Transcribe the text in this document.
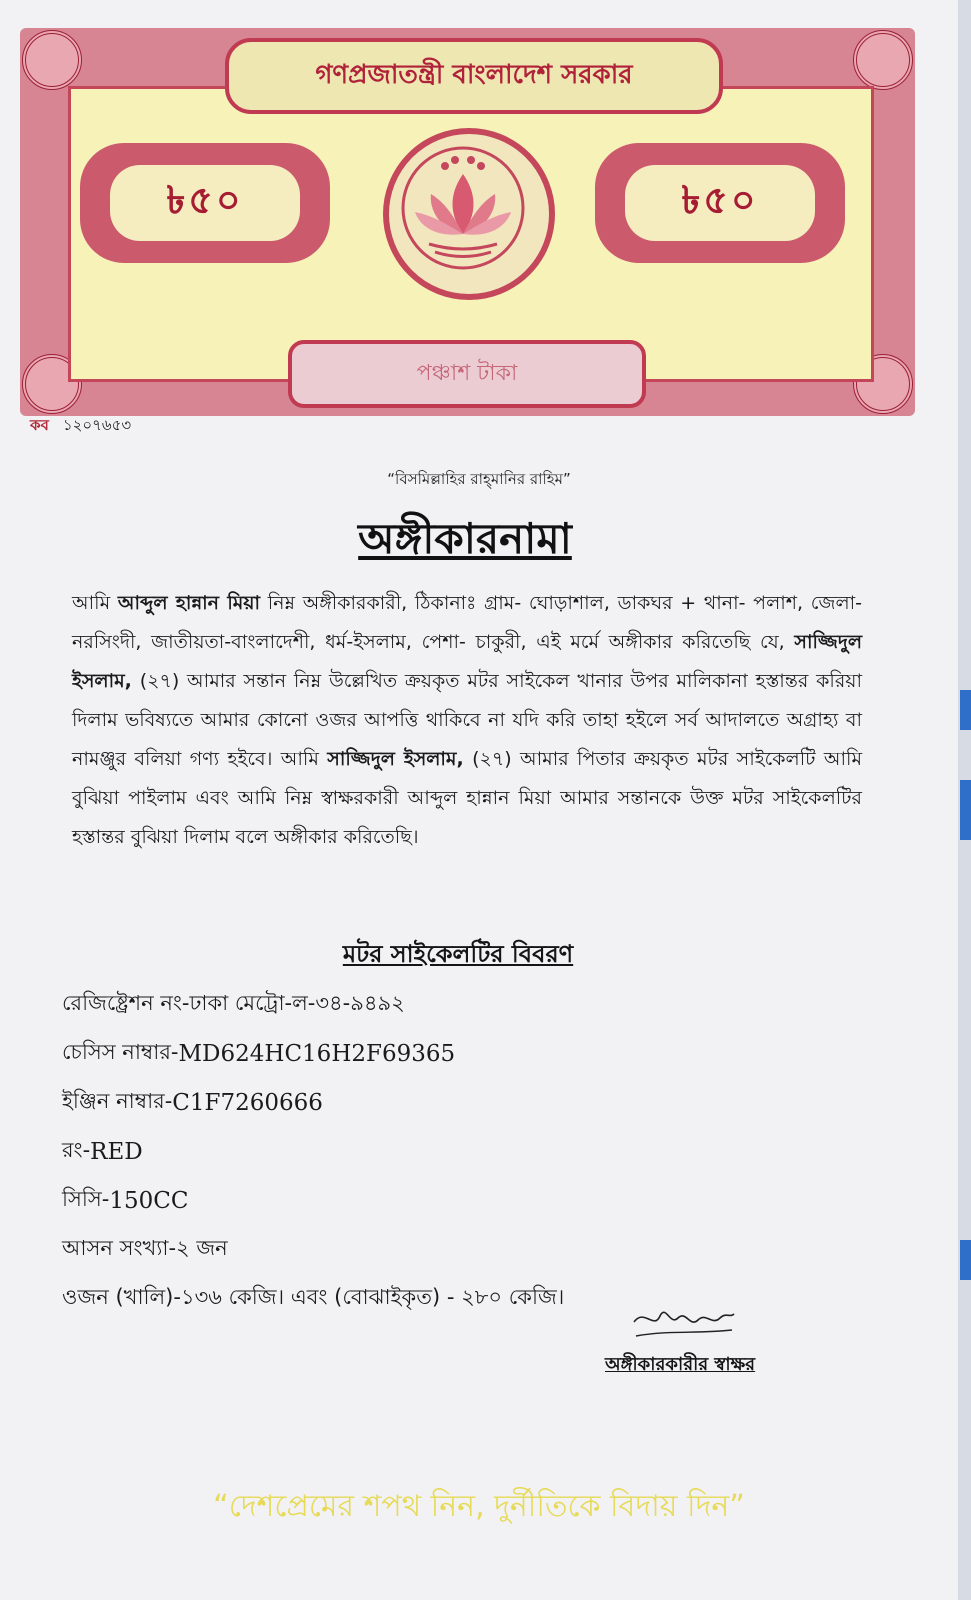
গণপ্রজাতন্ত্রী বাংলাদেশ সরকার
৳৫০	৳৫০
পঞ্চাশ টাকা
কব ১২০৭৬৫৩
“বিসমিল্লাহির রাহ্‌মানির রাহিম”
অঙ্গীকারনামা

আমি আব্দুল হান্নান মিয়া নিম্ন অঙ্গীকারকারী, ঠিকানাঃ গ্রাম- ঘোড়াশাল, ডাকঘর + থানা- পলাশ, জেলা-নরসিংদী, জাতীয়তা-বাংলাদেশী, ধর্ম-ইসলাম, পেশা- চাকুরী, এই মর্মে অঙ্গীকার করিতেছি যে, সাজ্জিদুল ইসলাম, (২৭) আমার সন্তান নিম্ন উল্লেখিত ক্রয়কৃত মটর সাইকেল খানার উপর মালিকানা হস্তান্তর করিয়া দিলাম ভবিষ্যতে আমার কোনো ওজর আপত্তি থাকিবে না যদি করি তাহা হইলে সর্ব আদালতে অগ্রাহ্য বা নামঞ্জুর বলিয়া গণ্য হইবে। আমি সাজ্জিদুল ইসলাম, (২৭) আমার পিতার ক্রয়কৃত মটর সাইকেলটি আমি বুঝিয়া পাইলাম এবং আমি নিম্ন স্বাক্ষরকারী আব্দুল হান্নান মিয়া আমার সন্তানকে উক্ত মটর সাইকেলটির হস্তান্তর বুঝিয়া দিলাম বলে অঙ্গীকার করিতেছি।

মটর সাইকেলটির বিবরণ
রেজিষ্ট্রেশন নং- ঢাকা মেট্রো-ল-৩৪-৯৪৯২
চেসিস নাম্বার- MD624HC16H2F69365
ইঞ্জিন নাম্বার- C1F7260666
রং- RED
সিসি- 150CC
আসন সংখ্যা- ২ জন
ওজন (খালি)- ১৩৬ কেজি। এবং (বোঝাইকৃত) - ২৮০ কেজি।
অঙ্গীকারকারীর স্বাক্ষর
“দেশপ্রেমের শপথ নিন, দুর্নীতিকে বিদায় দিন”
